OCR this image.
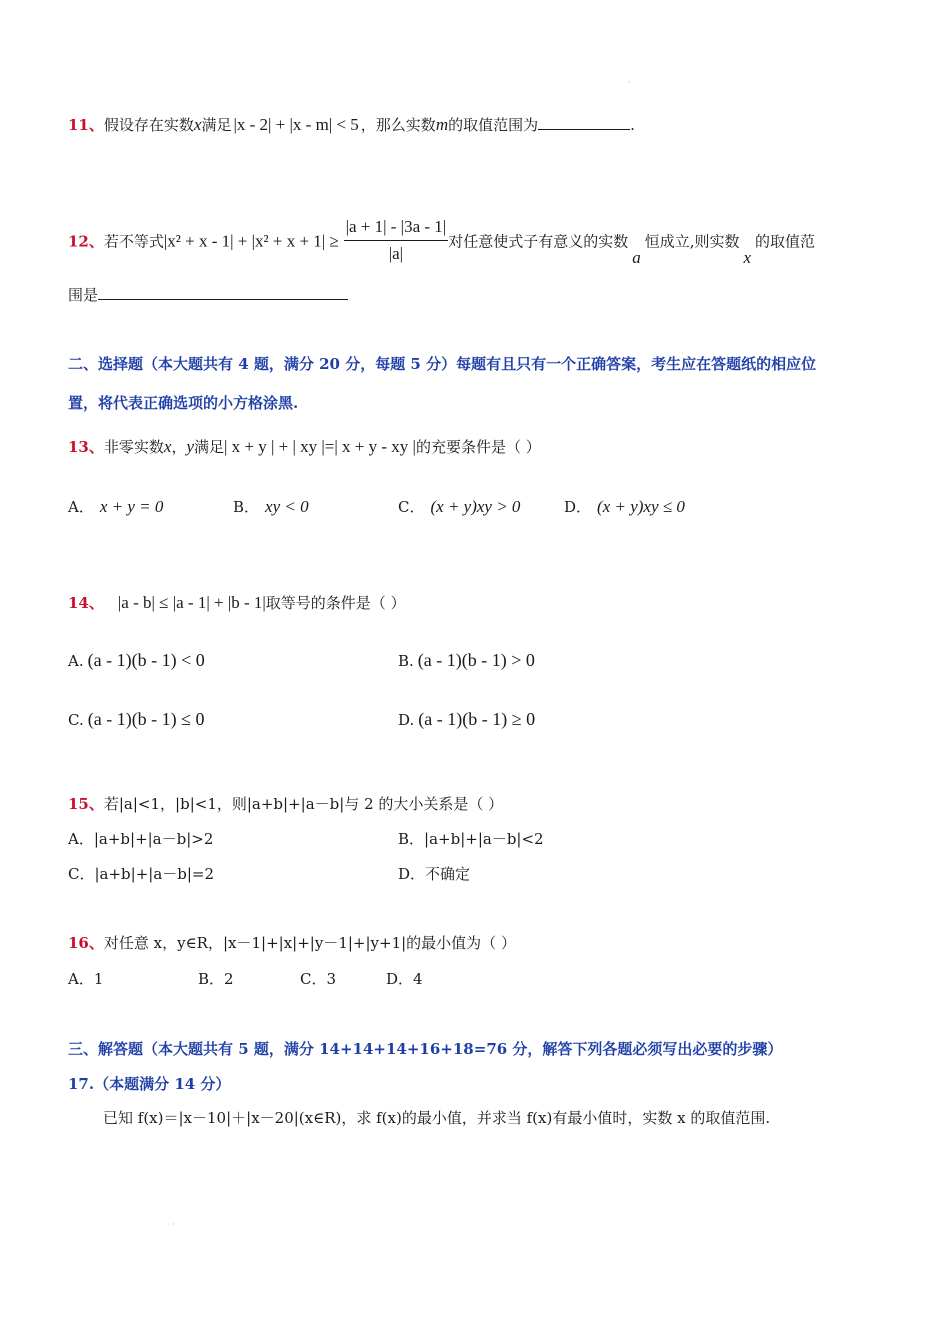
·
11、假设存在实数x满足 |x - 2| + |x - m| < 5 ，那么实数m的取值范围为	.
12、若不等式$|x^2 + x - 1| + |x^2 + x + 1| \ge \frac{|a + 1| - |3a - 1|}{|a|}$ 对任意使式子有意义的实数a恒成立,则实数x的取值范
围是
二、选择题（本大题共有 4 题，满分 20 分，每题 5 分）每题有且只有一个正确答案，考生应在答题纸的相应位
置，将代表正确选项的小方格涂黑.
13、非零实数x，y满足| x + y | + | xy |=| x + y - xy |的充要条件是（ ）
A． x + y = 0	B． xy < 0	C． (x + y)xy > 0	D． (x + y)xy ≤ 0
14、 |a - b| ≤ |a - 1| + |b - 1|取等号的条件是（ ）
A. (a - 1)(b - 1) < 0	B. (a - 1)(b - 1) > 0
C. (a - 1)(b - 1) ≤ 0	D. (a - 1)(b - 1) ≥ 0
15、若|a|<1，|b|<1，则|a+b|+|a－b|与 2 的大小关系是（ ）
A．|a+b|+|a－b|>2	B．|a+b|+|a－b|<2
C．|a+b|+|a－b|=2	D．不确定
16、对任意 x，y∈R，|x－1|+|x|+|y－1|+|y+1|的最小值为（ ）
A．1	B．2	C．3	D．4
三、解答题（本大题共有 5 题，满分 14+14+14+16+18=76 分，解答下列各题必须写出必要的步骤）
17.（本题满分 14 分）
已知 f(x)＝|x－10|＋|x－20|(x∈R)，求 f(x)的最小值，并求当 f(x)有最小值时，实数 x 的取值范围.
·
